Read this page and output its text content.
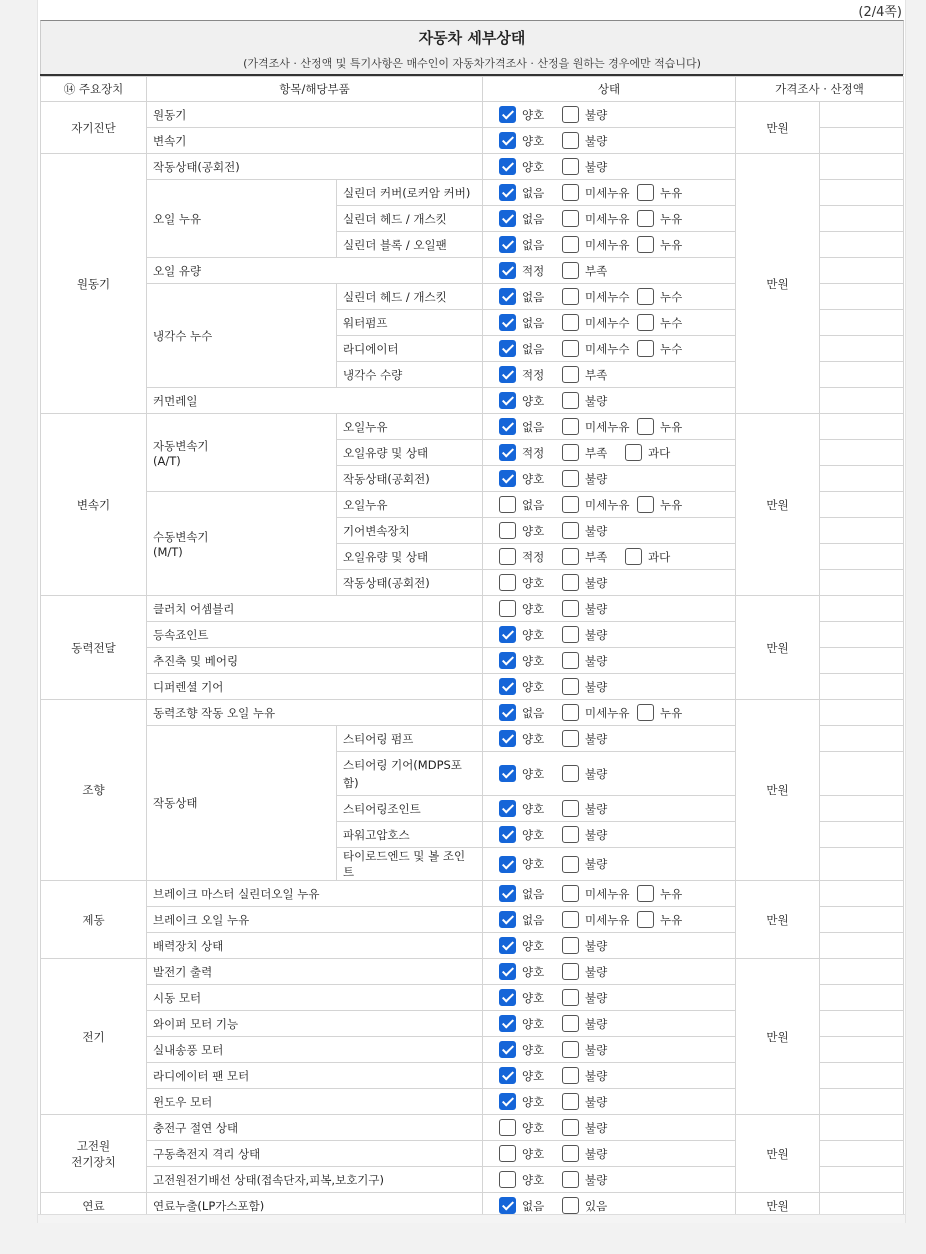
(2/4쪽)
자동차 세부상태
(가격조사 · 산정액 및 특기사항은 매수인이 자동차가격조사 · 산정을 원하는 경우에만 적습니다)
⑭ 주요장치	항목/해당부품		상태	가격조사 · 산정액	
자기진단	원동기		양호 불량	만원	
	변속기		양호 불량		

원동기	작동상태(공회전)		양호 불량	만원	
	오일 누유	실린더 커버(로커암 커버)	없음 미세누유 누유		

		실린더 헤드 / 개스킷	없음 미세누유 누유		

		실린더 블록 / 오일팬	없음 미세누유 누유		

	오일 유량		적정 부족		

	냉각수 누수	실린더 헤드 / 개스킷	없음 미세누수 누수		

		워터펌프	없음 미세누수 누수		

		라디에이터	없음 미세누수 누수		

		냉각수 수량	적정 부족		

	커먼레일		양호 불량		

변속기	자동변속기
(A/T)	오일누유	없음 미세누유 누유	만원	
		오일유량 및 상태	적정 부족 과다		

		작동상태(공회전)	양호 불량		

	수동변속기
(M/T)	오일누유	없음 미세누유 누유		

		기어변속장치	양호 불량		

		오일유량 및 상태	적정 부족 과다		

		작동상태(공회전)	양호 불량		

동력전달	클러치 어셈블리		양호 불량	만원	
	등속죠인트		양호 불량		

	추진축 및 베어링		양호 불량		

	디퍼렌셜 기어		양호 불량		

조향	동력조향 작동 오일 누유		없음 미세누유 누유	만원	
	작동상태	스티어링 펌프	양호 불량		

		스티어링 기어(MDPS포함)	양호 불량		

		스티어링조인트	양호 불량		

		파워고압호스	양호 불량		

		타이로드엔드 및 볼 조인트	양호 불량		

제동	브레이크 마스터 실린더오일 누유		없음 미세누유 누유	만원	
	브레이크 오일 누유		없음 미세누유 누유		

	배력장치 상태		양호 불량		

전기	발전기 출력		양호 불량	만원	
	시동 모터		양호 불량		

	와이퍼 모터 기능		양호 불량		

	실내송풍 모터		양호 불량		

	라디에이터 팬 모터		양호 불량		

	윈도우 모터		양호 불량		

고전원
전기장치	충전구 절연 상태		양호 불량	만원	
	구동축전지 격리 상태		양호 불량		

	고전원전기배선 상태(접속단자,피복,보호기구)		양호 불량		

연료	연료누출(LP가스포함)		없음 있음	만원	
